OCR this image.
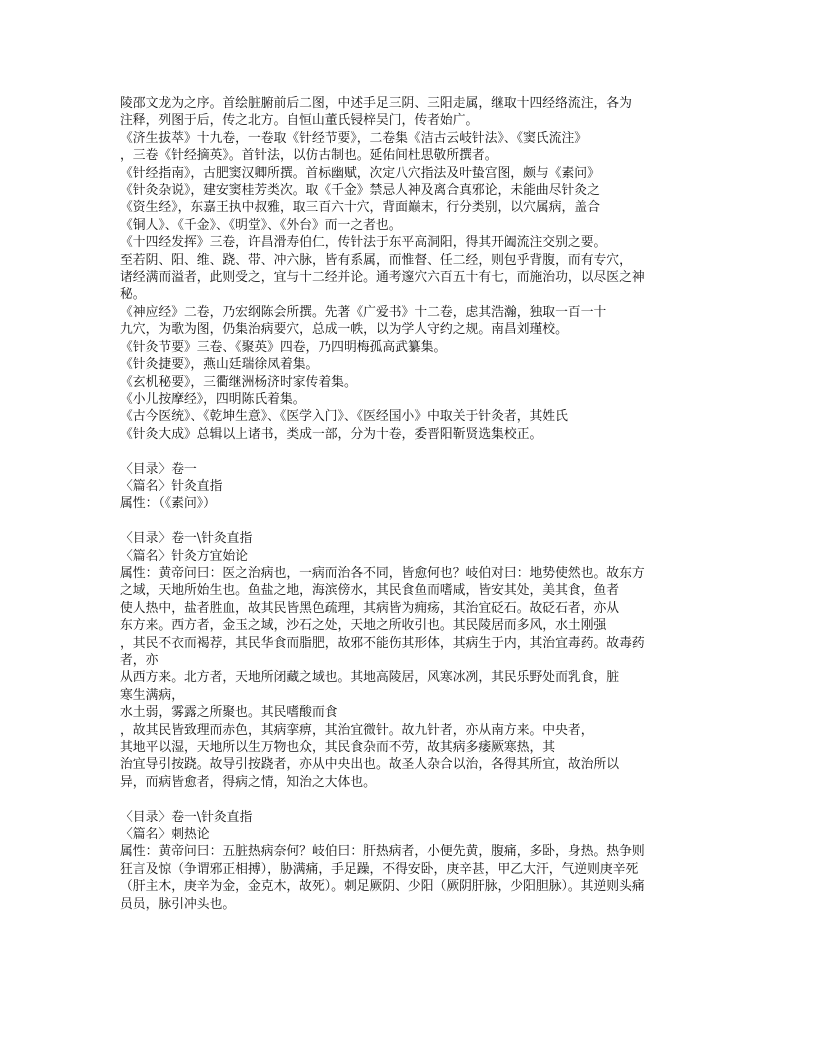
陵邵文龙为之序。首绘脏腑前后二图，中述手足三阴、三阳走属，继取十四经络流注，各为
注释，列图于后，传之北方。自恒山董氏锓梓吴门，传者始广。
《济生拔萃》十九卷，一卷取《针经节要》，二卷集《洁古云岐针法》、《窦氏流注》
，三卷《针经摘英》。首针法，以仿古制也。延佑间杜思敬所撰者。
《针经指南》，古肥窦汉卿所撰。首标幽赋，次定八穴指法及叶蛰宫图，颇与《素问》
《针灸杂说》，建安窦桂芳类次。取《千金》禁忌人神及离合真邪论，未能曲尽针灸之
《资生经》，东嘉王执中叔雅，取三百六十穴，背面巅末，行分类别，以穴属病，盖合
《铜人》、《千金》、《明堂》、《外台》而一之者也。
《十四经发挥》三卷，许昌滑寿伯仁，传针法于东平高洞阳，得其开阖流注交别之要。
至若阴、阳、维、跷、带、冲六脉，皆有系属，而惟督、任二经，则包乎背腹，而有专穴，
诸经满而溢者，此则受之，宜与十二经并论。通考邃穴六百五十有七，而施治功，以尽医之神
秘。
《神应经》二卷，乃宏纲陈会所撰。先著《广爱书》十二卷，虑其浩瀚，独取一百一十
九穴，为歌为图，仍集治病要穴，总成一帙，以为学人守约之规。南昌刘瑾校。
《针灸节要》三卷、《聚英》四卷，乃四明梅孤高武纂集。
《针灸捷要》，燕山廷瑞徐凤着集。
《玄机秘要》，三衢继洲杨济时家传着集。
《小儿按摩经》，四明陈氏着集。
《古今医统》、《乾坤生意》、《医学入门》、《医经国小》中取关于针灸者，其姓氏
《针灸大成》总辑以上诸书，类成一部，分为十卷，委晋阳靳贤选集校正。
〈目录〉卷一
〈篇名〉针灸直指
属性：（《素问》）
〈目录〉卷一\针灸直指
〈篇名〉针灸方宜始论
属性：黄帝问曰：医之治病也，一病而治各不同，皆愈何也？岐伯对曰：地势使然也。故东方
之域，天地所始生也。鱼盐之地，海滨傍水，其民食鱼而嗜咸，皆安其处，美其食，鱼者
使人热中，盐者胜血，故其民皆黑色疏理，其病皆为痈疡，其治宜砭石。故砭石者，亦从
东方来。西方者，金玉之域，沙石之处，天地之所收引也。其民陵居而多风，水土刚强
，其民不衣而褐荐，其民华食而脂肥，故邪不能伤其形体，其病生于内，其治宜毒药。故毒药
者，亦
从西方来。北方者，天地所闭藏之域也。其地高陵居，风寒冰冽，其民乐野处而乳食，脏
寒生满病，
水土弱，雾露之所聚也。其民嗜酸而食
，故其民皆致理而赤色，其病挛痹，其治宜微针。故九针者，亦从南方来。中央者，
其地平以湿，天地所以生万物也众，其民食杂而不劳，故其病多痿厥寒热，其
治宜导引按跷。故导引按跷者，亦从中央出也。故圣人杂合以治，各得其所宜，故治所以
异，而病皆愈者，得病之情，知治之大体也。
〈目录〉卷一\针灸直指
〈篇名〉刺热论
属性：黄帝问曰：五脏热病奈何？岐伯曰：肝热病者，小便先黄，腹痛，多卧，身热。热争则
狂言及惊（争谓邪正相搏），胁满痛，手足躁，不得安卧，庚辛甚，甲乙大汗，气逆则庚辛死
（肝主木，庚辛为金，金克木，故死）。刺足厥阴、少阳（厥阴肝脉，少阳胆脉）。其逆则头痛
员员，脉引冲头也。
